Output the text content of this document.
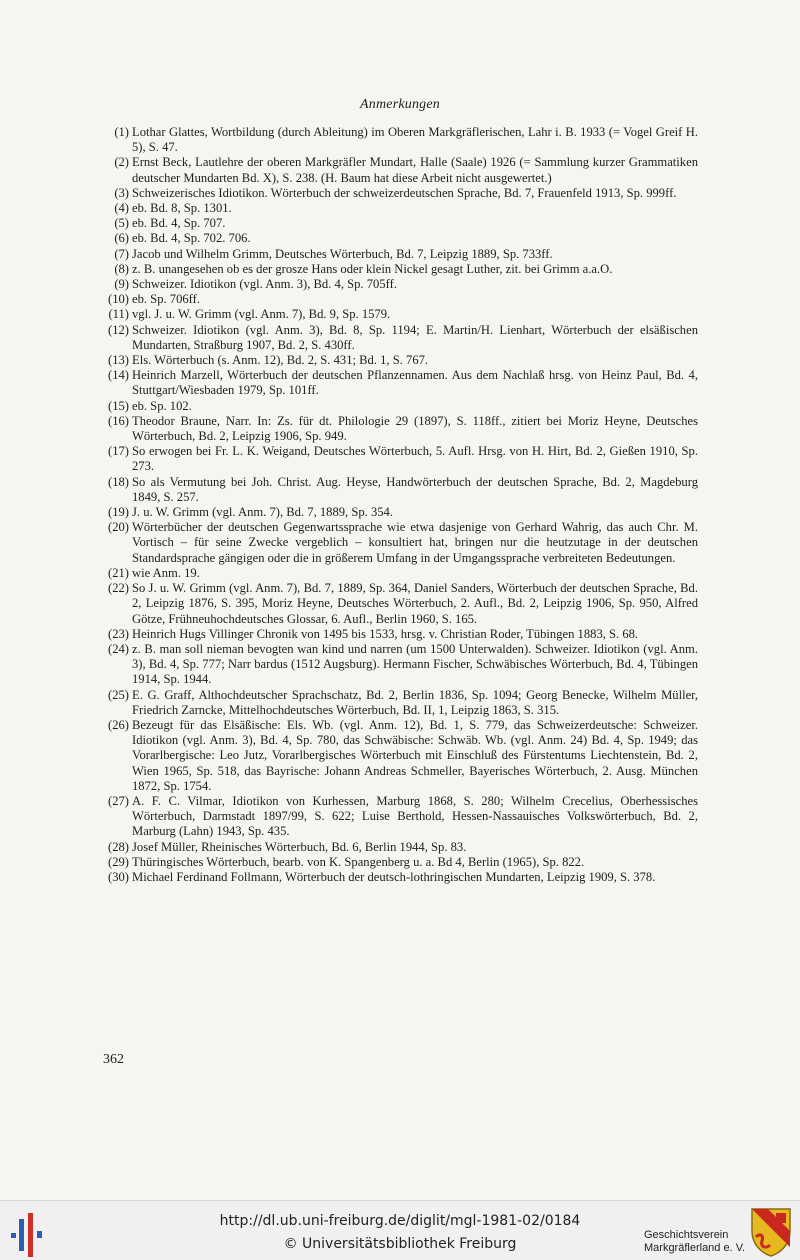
Anmerkungen
(1) Lothar Glattes, Wortbildung (durch Ableitung) im Oberen Markgräflerischen, Lahr i. B. 1933 (= Vogel Greif H. 5), S. 47.
(2) Ernst Beck, Lautlehre der oberen Markgräfler Mundart, Halle (Saale) 1926 (= Sammlung kurzer Grammatiken deutscher Mundarten Bd. X), S. 238. (H. Baum hat diese Arbeit nicht ausgewertet.)
(3) Schweizerisches Idiotikon. Wörterbuch der schweizerdeutschen Sprache, Bd. 7, Frauenfeld 1913, Sp. 999ff.
(4) eb. Bd. 8, Sp. 1301.
(5) eb. Bd. 4, Sp. 707.
(6) eb. Bd. 4, Sp. 702. 706.
(7) Jacob und Wilhelm Grimm, Deutsches Wörterbuch, Bd. 7, Leipzig 1889, Sp. 733ff.
(8) z. B. unangesehen ob es der grosze Hans oder klein Nickel gesagt Luther, zit. bei Grimm a.a.O.
(9) Schweizer. Idiotikon (vgl. Anm. 3), Bd. 4, Sp. 705ff.
(10) eb. Sp. 706ff.
(11) vgl. J. u. W. Grimm (vgl. Anm. 7), Bd. 9, Sp. 1579.
(12) Schweizer. Idiotikon (vgl. Anm. 3), Bd. 8, Sp. 1194; E. Martin/H. Lienhart, Wörterbuch der elsäßischen Mundarten, Straßburg 1907, Bd. 2, S. 430ff.
(13) Els. Wörterbuch (s. Anm. 12), Bd. 2, S. 431; Bd. 1, S. 767.
(14) Heinrich Marzell, Wörterbuch der deutschen Pflanzennamen. Aus dem Nachlaß hrsg. von Heinz Paul, Bd. 4, Stuttgart/Wiesbaden 1979, Sp. 101ff.
(15) eb. Sp. 102.
(16) Theodor Braune, Narr. In: Zs. für dt. Philologie 29 (1897), S. 118ff., zitiert bei Moriz Heyne, Deutsches Wörterbuch, Bd. 2, Leipzig 1906, Sp. 949.
(17) So erwogen bei Fr. L. K. Weigand, Deutsches Wörterbuch, 5. Aufl. Hrsg. von H. Hirt, Bd. 2, Gießen 1910, Sp. 273.
(18) So als Vermutung bei Joh. Christ. Aug. Heyse, Handwörterbuch der deutschen Sprache, Bd. 2, Magdeburg 1849, S. 257.
(19) J. u. W. Grimm (vgl. Anm. 7), Bd. 7, 1889, Sp. 354.
(20) Wörterbücher der deutschen Gegenwartssprache wie etwa dasjenige von Gerhard Wahrig, das auch Chr. M. Vortisch – für seine Zwecke vergeblich – konsultiert hat, bringen nur die heutzutage in der deutschen Standardsprache gängigen oder die in größerem Umfang in der Umgangssprache verbreiteten Bedeutungen.
(21) wie Anm. 19.
(22) So J. u. W. Grimm (vgl. Anm. 7), Bd. 7, 1889, Sp. 364, Daniel Sanders, Wörterbuch der deutschen Sprache, Bd. 2, Leipzig 1876, S. 395, Moriz Heyne, Deutsches Wörterbuch, 2. Aufl., Bd. 2, Leipzig 1906, Sp. 950, Alfred Götze, Frühneuhochdeutsches Glossar, 6. Aufl., Berlin 1960, S. 165.
(23) Heinrich Hugs Villinger Chronik von 1495 bis 1533, hrsg. v. Christian Roder, Tübingen 1883, S. 68.
(24) z. B. man soll nieman bevogten wan kind und narren (um 1500 Unterwalden). Schweizer. Idiotikon (vgl. Anm. 3), Bd. 4, Sp. 777; Narr bardus (1512 Augsburg). Hermann Fischer, Schwäbisches Wörterbuch, Bd. 4, Tübingen 1914, Sp. 1944.
(25) E. G. Graff, Althochdeutscher Sprachschatz, Bd. 2, Berlin 1836, Sp. 1094; Georg Benecke, Wilhelm Müller, Friedrich Zarncke, Mittelhochdeutsches Wörterbuch, Bd. II, 1, Leipzig 1863, S. 315.
(26) Bezeugt für das Elsäßische: Els. Wb. (vgl. Anm. 12), Bd. 1, S. 779, das Schweizerdeutsche: Schweizer. Idiotikon (vgl. Anm. 3), Bd. 4, Sp. 780, das Schwäbische: Schwäb. Wb. (vgl. Anm. 24) Bd. 4, Sp. 1949; das Vorarlbergische: Leo Jutz, Vorarlbergisches Wörterbuch mit Einschluß des Fürstentums Liechtenstein, Bd. 2, Wien 1965, Sp. 518, das Bayrische: Johann Andreas Schmeller, Bayerisches Wörterbuch, 2. Ausg. München 1872, Sp. 1754.
(27) A. F. C. Vilmar, Idiotikon von Kurhessen, Marburg 1868, S. 280; Wilhelm Crecelius, Oberhessisches Wörterbuch, Darmstadt 1897/99, S. 622; Luise Berthold, Hessen-Nassauisches Volkswörterbuch, Bd. 2, Marburg (Lahn) 1943, Sp. 435.
(28) Josef Müller, Rheinisches Wörterbuch, Bd. 6, Berlin 1944, Sp. 83.
(29) Thüringisches Wörterbuch, bearb. von K. Spangenberg u. a. Bd 4, Berlin (1965), Sp. 822.
(30) Michael Ferdinand Follmann, Wörterbuch der deutsch-lothringischen Mundarten, Leipzig 1909, S. 378.
362
http://dl.ub.uni-freiburg.de/diglit/mgl-1981-02/0184
© Universitätsbibliothek Freiburg
Geschichtsverein
Markgräflerland e. V.
